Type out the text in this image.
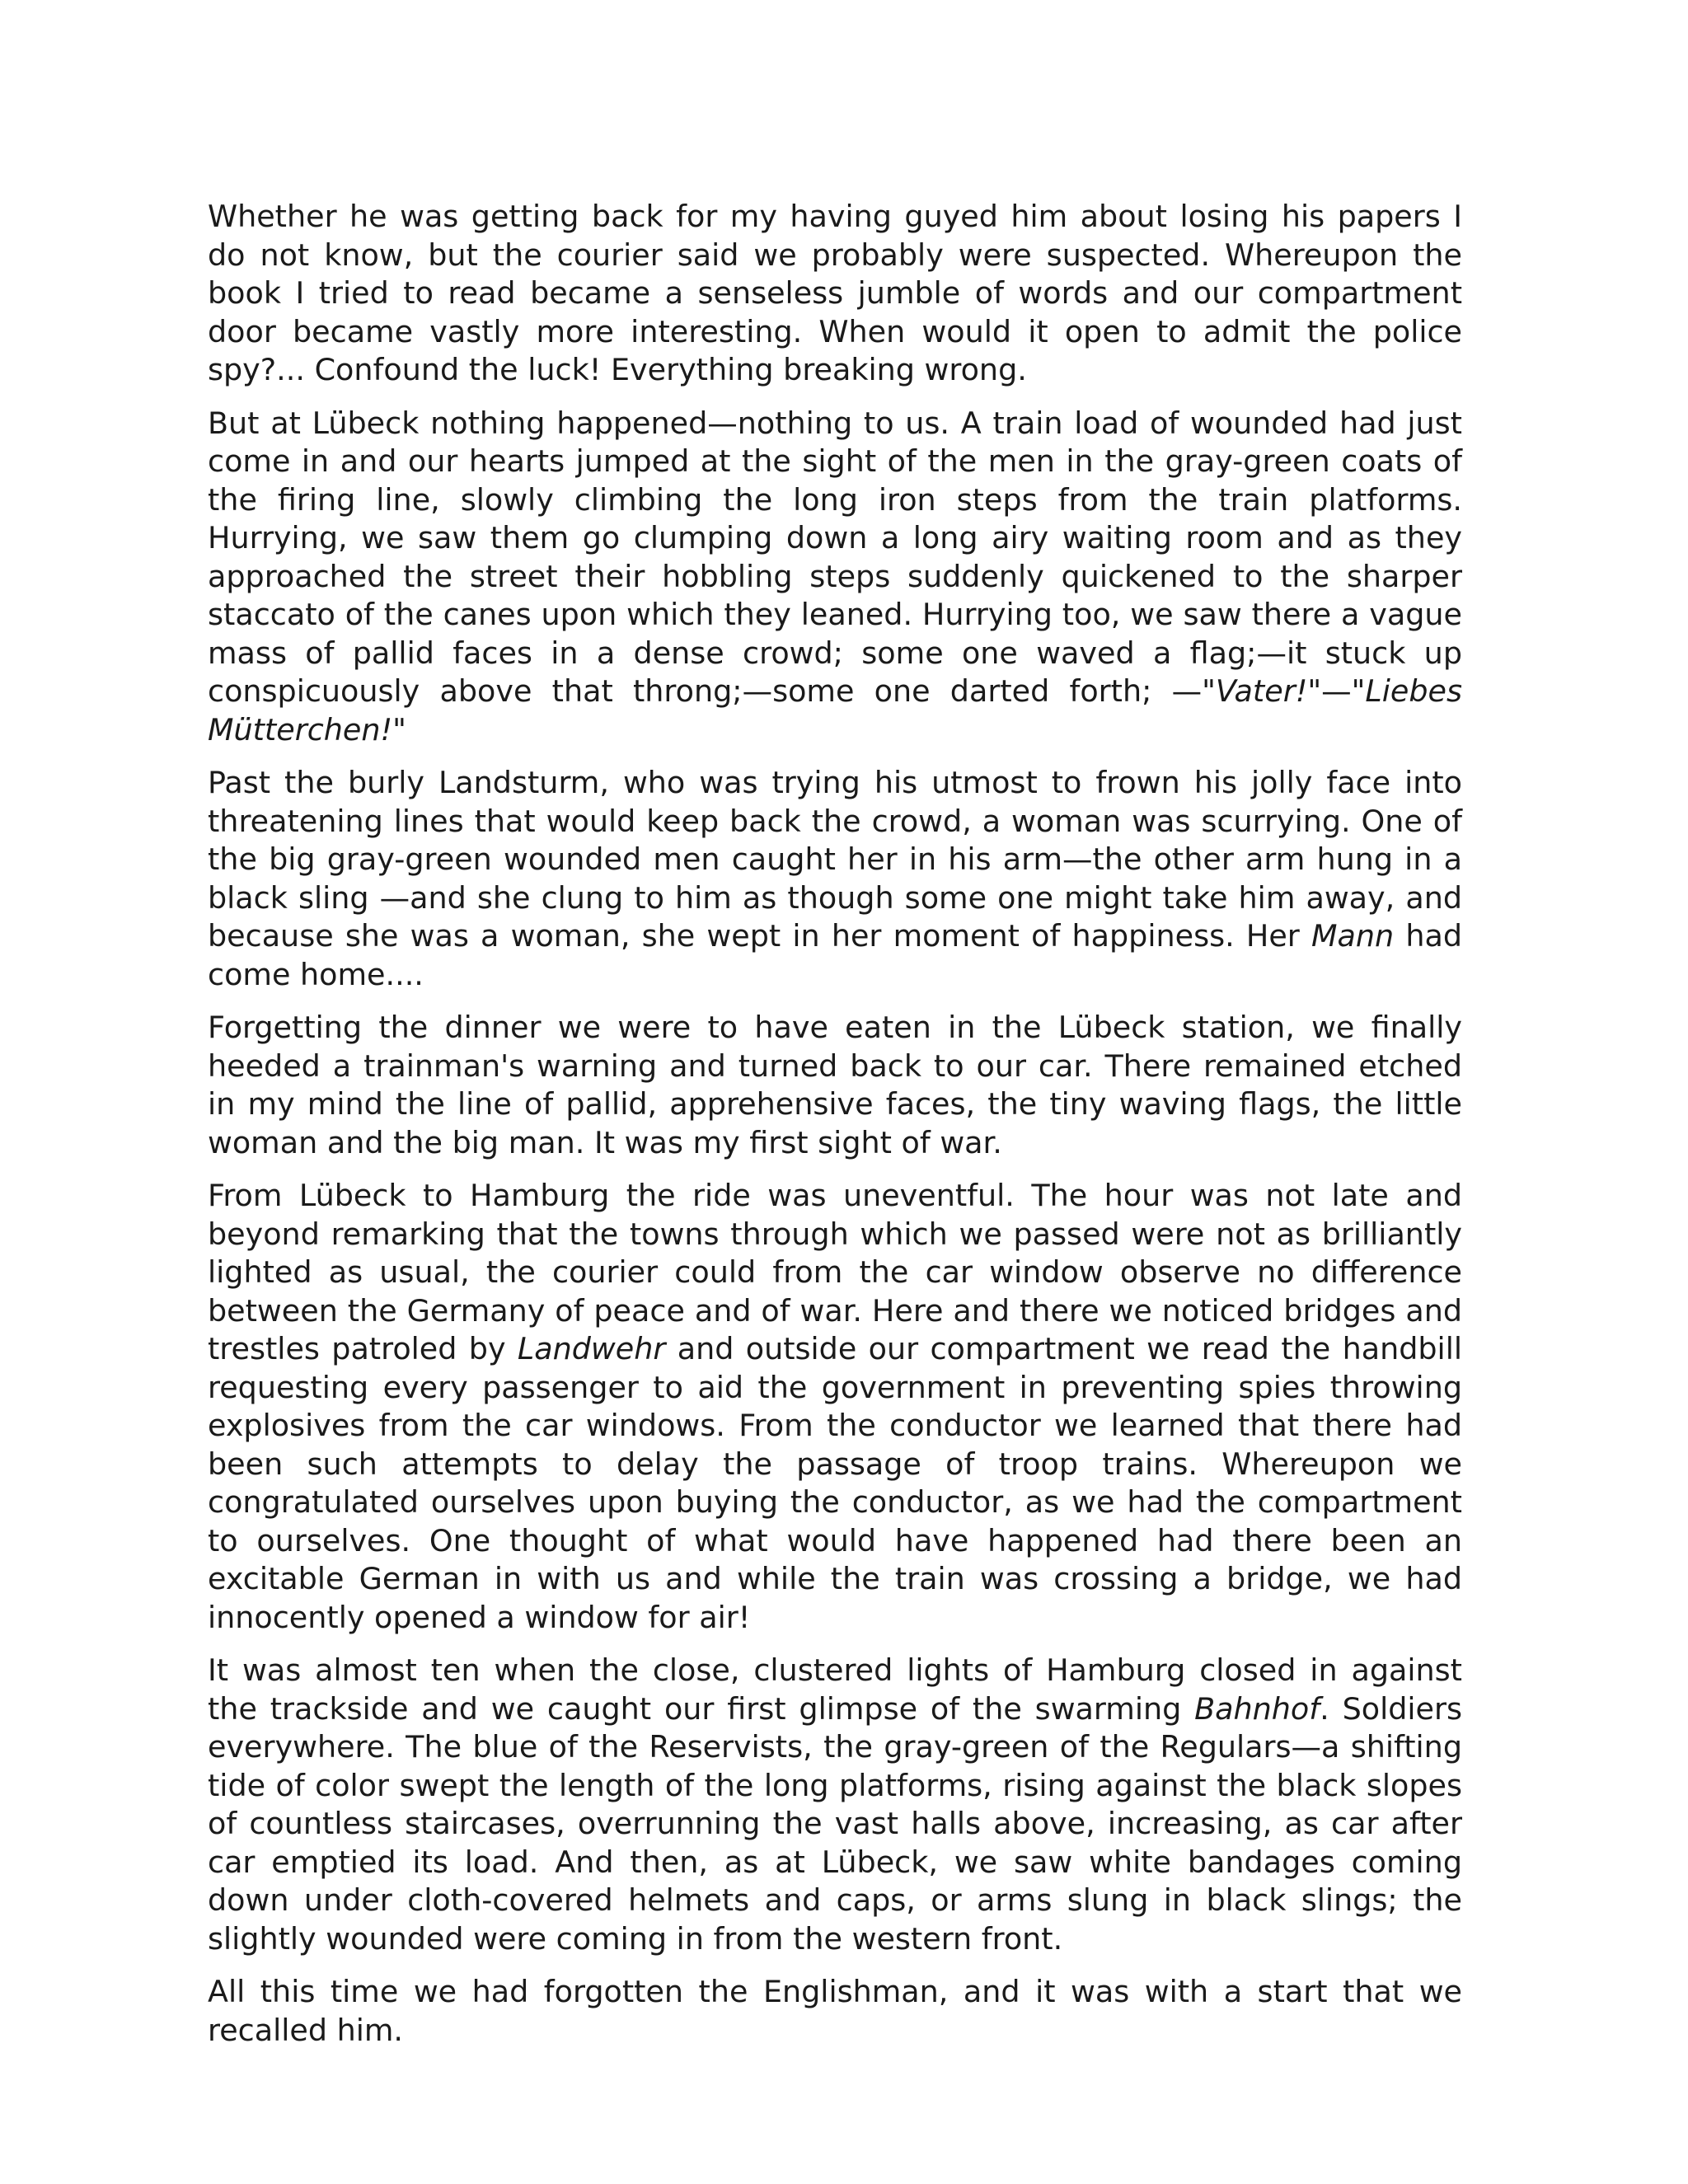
Whether he was getting back for my having guyed him about losing his papers I do not know, but the courier said we probably were suspected. Whereupon the book I tried to read became a senseless jumble of words and our compartment door became vastly more interesting. When would it open to admit the police spy?... Confound the luck! Everything breaking wrong.

But at Lübeck nothing happened—nothing to us. A train load of wounded had just come in and our hearts jumped at the sight of the men in the gray-green coats of the firing line, slowly climbing the long iron steps from the train platforms. Hurrying, we saw them go clumping down a long airy waiting room and as they approached the street their hobbling steps suddenly quickened to the sharper staccato of the canes upon which they leaned. Hurrying too, we saw there a vague mass of pallid faces in a dense crowd; some one waved a flag;—it stuck up conspicuously above that throng;—some one darted forth; —"Vater!"—"Liebes Mütterchen!"

Past the burly Landsturm, who was trying his utmost to frown his jolly face into threatening lines that would keep back the crowd, a woman was scurrying. One of the big gray-green wounded men caught her in his arm—the other arm hung in a black sling —and she clung to him as though some one might take him away, and because she was a woman, she wept in her moment of happiness. Her Mann had come home....

Forgetting the dinner we were to have eaten in the Lübeck station, we finally heeded a trainman's warning and turned back to our car. There remained etched in my mind the line of pallid, apprehensive faces, the tiny waving flags, the little woman and the big man. It was my first sight of war.

From Lübeck to Hamburg the ride was uneventful. The hour was not late and beyond remarking that the towns through which we passed were not as brilliantly lighted as usual, the courier could from the car window observe no difference between the Germany of peace and of war. Here and there we noticed bridges and trestles patroled by Landwehr and outside our compartment we read the handbill requesting every passenger to aid the government in preventing spies throwing explosives from the car windows. From the conductor we learned that there had been such attempts to delay the passage of troop trains. Whereupon we congratulated ourselves upon buying the conductor, as we had the compartment to ourselves. One thought of what would have happened had there been an excitable German in with us and while the train was crossing a bridge, we had innocently opened a window for air!

It was almost ten when the close, clustered lights of Hamburg closed in against the trackside and we caught our first glimpse of the swarming Bahnhof. Soldiers everywhere. The blue of the Reservists, the gray-green of the Regulars—a shifting tide of color swept the length of the long platforms, rising against the black slopes of countless staircases, overrunning the vast halls above, increasing, as car after car emptied its load. And then, as at Lübeck, we saw white bandages coming down under cloth-covered helmets and caps, or arms slung in black slings; the slightly wounded were coming in from the western front.

All this time we had forgotten the Englishman, and it was with a start that we recalled him.
